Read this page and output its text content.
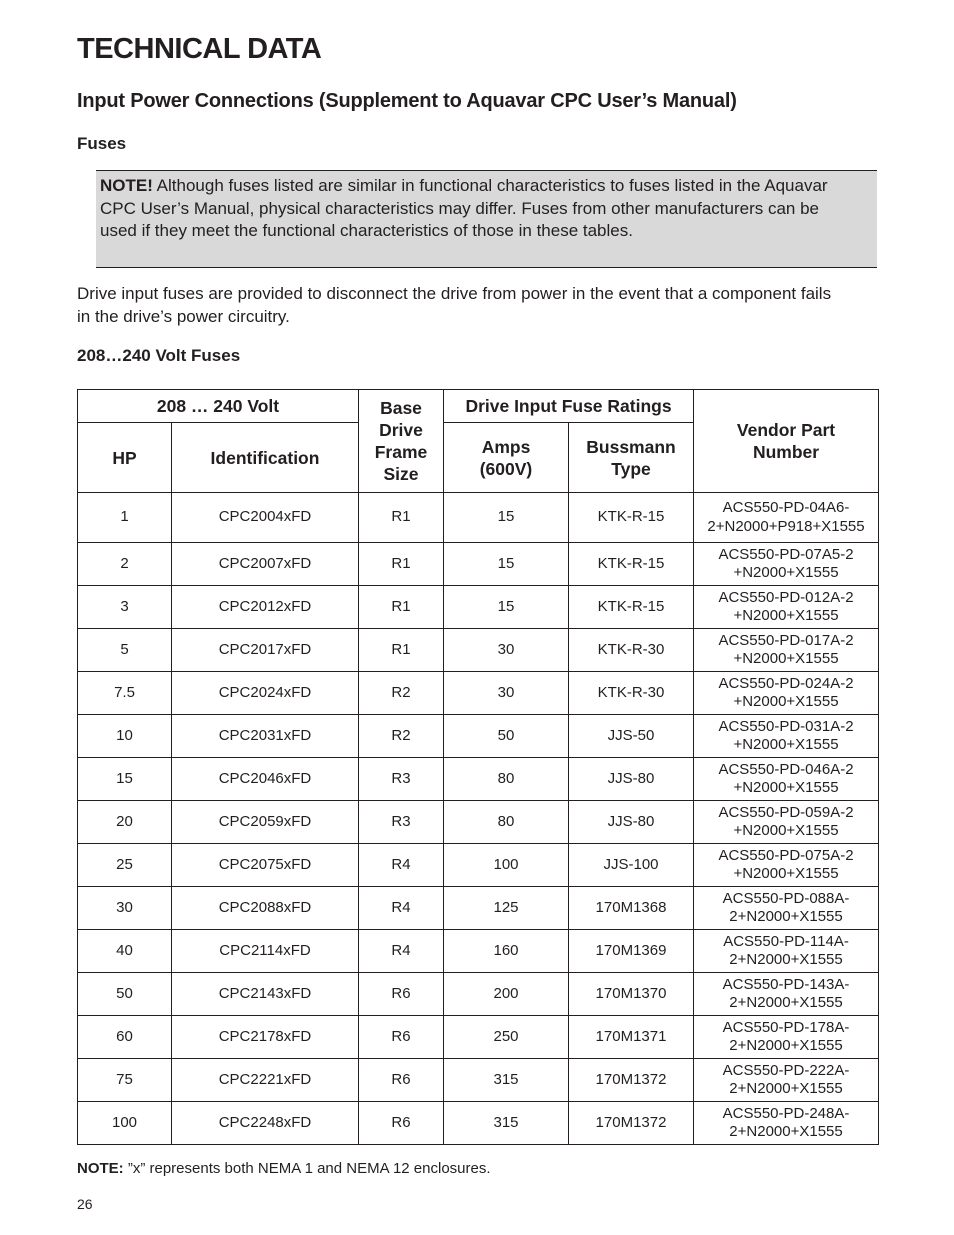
TECHNICAL DATA
Input Power Connections (Supplement to Aquavar CPC User’s Manual)
Fuses
NOTE! Although fuses listed are similar in functional characteristics to fuses listed in the Aquavar CPC User’s Manual, physical characteristics may differ. Fuses from other manufacturers can be used if they meet the functional characteristics of those in these tables.

Drive input fuses are provided to disconnect the drive from power in the event that a component fails in the drive’s power circuitry.

208…240 Volt Fuses
208 … 240 Volt		Base Drive Frame Size	Drive Input Fuse Ratings		Vendor Part Number
HP	Identification		Amps (600V)	Bussmann Type	
1	CPC2004xFD	R1	15	KTK-R-15	ACS550-PD-04A6-
2+N2000+P918+X1555

2	CPC2007xFD	R1	15	KTK-R-15	ACS550-PD-07A5-2
+N2000+X1555

3	CPC2012xFD	R1	15	KTK-R-15	ACS550-PD-012A-2
+N2000+X1555

5	CPC2017xFD	R1	30	KTK-R-30	ACS550-PD-017A-2
+N2000+X1555

7.5	CPC2024xFD	R2	30	KTK-R-30	ACS550-PD-024A-2
+N2000+X1555

10	CPC2031xFD	R2	50	JJS-50	ACS550-PD-031A-2
+N2000+X1555

15	CPC2046xFD	R3	80	JJS-80	ACS550-PD-046A-2
+N2000+X1555

20	CPC2059xFD	R3	80	JJS-80	ACS550-PD-059A-2
+N2000+X1555

25	CPC2075xFD	R4	100	JJS-100	ACS550-PD-075A-2
+N2000+X1555

30	CPC2088xFD	R4	125	170M1368	ACS550-PD-088A-
2+N2000+X1555

40	CPC2114xFD	R4	160	170M1369	ACS550-PD-114A-
2+N2000+X1555

50	CPC2143xFD	R6	200	170M1370	ACS550-PD-143A-
2+N2000+X1555

60	CPC2178xFD	R6	250	170M1371	ACS550-PD-178A-
2+N2000+X1555

75	CPC2221xFD	R6	315	170M1372	ACS550-PD-222A-
2+N2000+X1555

100	CPC2248xFD	R6	315	170M1372	ACS550-PD-248A-
2+N2000+X1555

NOTE: ”x” represents both NEMA 1 and NEMA 12 enclosures.

26
